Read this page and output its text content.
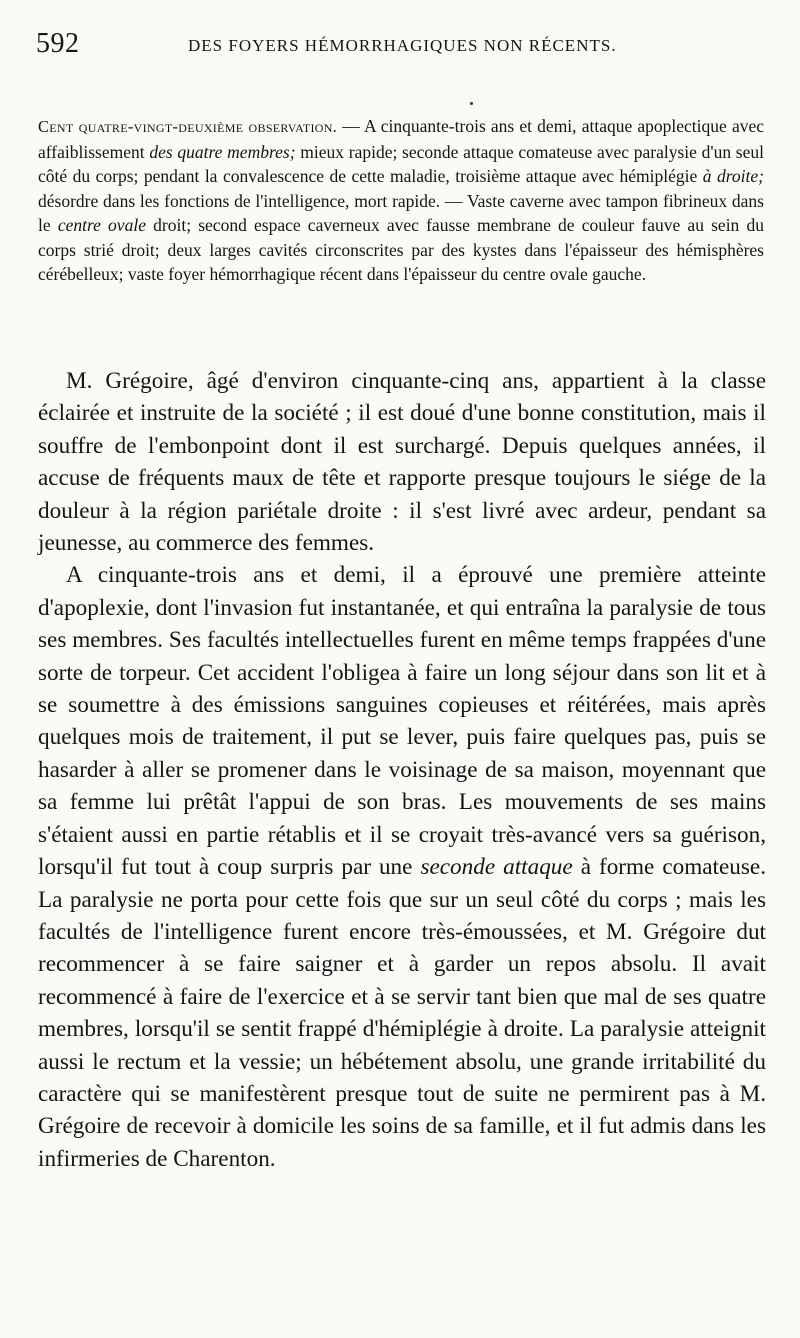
592	DES FOYERS HÉMORRHAGIQUES NON RÉCENTS.

Cent quatre-vingt-deuxième observation. — A cinquante-trois ans et demi, attaque apoplectique avec affaiblissement des quatre membres; mieux rapide; seconde attaque comateuse avec paralysie d'un seul côté du corps; pendant la convalescence de cette maladie, troisième attaque avec hémiplégie à droite; désordre dans les fonctions de l'intelligence, mort rapide. — Vaste caverne avec tampon fibrineux dans le centre ovale droit; second espace caverneux avec fausse membrane de couleur fauve au sein du corps strié droit; deux larges cavités circonscrites par des kystes dans l'épaisseur des hémisphères cérébelleux; vaste foyer hémorrhagique récent dans l'épaisseur du centre ovale gauche.

M. Grégoire, âgé d'environ cinquante-cinq ans, appartient à la classe éclairée et instruite de la société ; il est doué d'une bonne constitution, mais il souffre de l'embonpoint dont il est surchargé. Depuis quelques années, il accuse de fréquents maux de tête et rapporte presque toujours le siége de la douleur à la région pariétale droite : il s'est livré avec ardeur, pendant sa jeunesse, au commerce des femmes.

A cinquante-trois ans et demi, il a éprouvé une première atteinte d'apoplexie, dont l'invasion fut instantanée, et qui entraîna la paralysie de tous ses membres. Ses facultés intellectuelles furent en même temps frappées d'une sorte de torpeur. Cet accident l'obligea à faire un long séjour dans son lit et à se soumettre à des émissions sanguines copieuses et réitérées, mais après quelques mois de traitement, il put se lever, puis faire quelques pas, puis se hasarder à aller se promener dans le voisinage de sa maison, moyennant que sa femme lui prêtât l'appui de son bras. Les mouvements de ses mains s'étaient aussi en partie rétablis et il se croyait très-avancé vers sa guérison, lorsqu'il fut tout à coup surpris par une seconde attaque à forme comateuse. La paralysie ne porta pour cette fois que sur un seul côté du corps ; mais les facultés de l'intelligence furent encore très-émoussées, et M. Grégoire dut recommencer à se faire saigner et à garder un repos absolu. Il avait recommencé à faire de l'exercice et à se servir tant bien que mal de ses quatre membres, lorsqu'il se sentit frappé d'hémiplégie à droite. La paralysie atteignit aussi le rectum et la vessie; un hébétement absolu, une grande irritabilité du caractère qui se manifestèrent presque tout de suite ne permirent pas à M. Grégoire de recevoir à domicile les soins de sa famille, et il fut admis dans les infirmeries de Charenton.
